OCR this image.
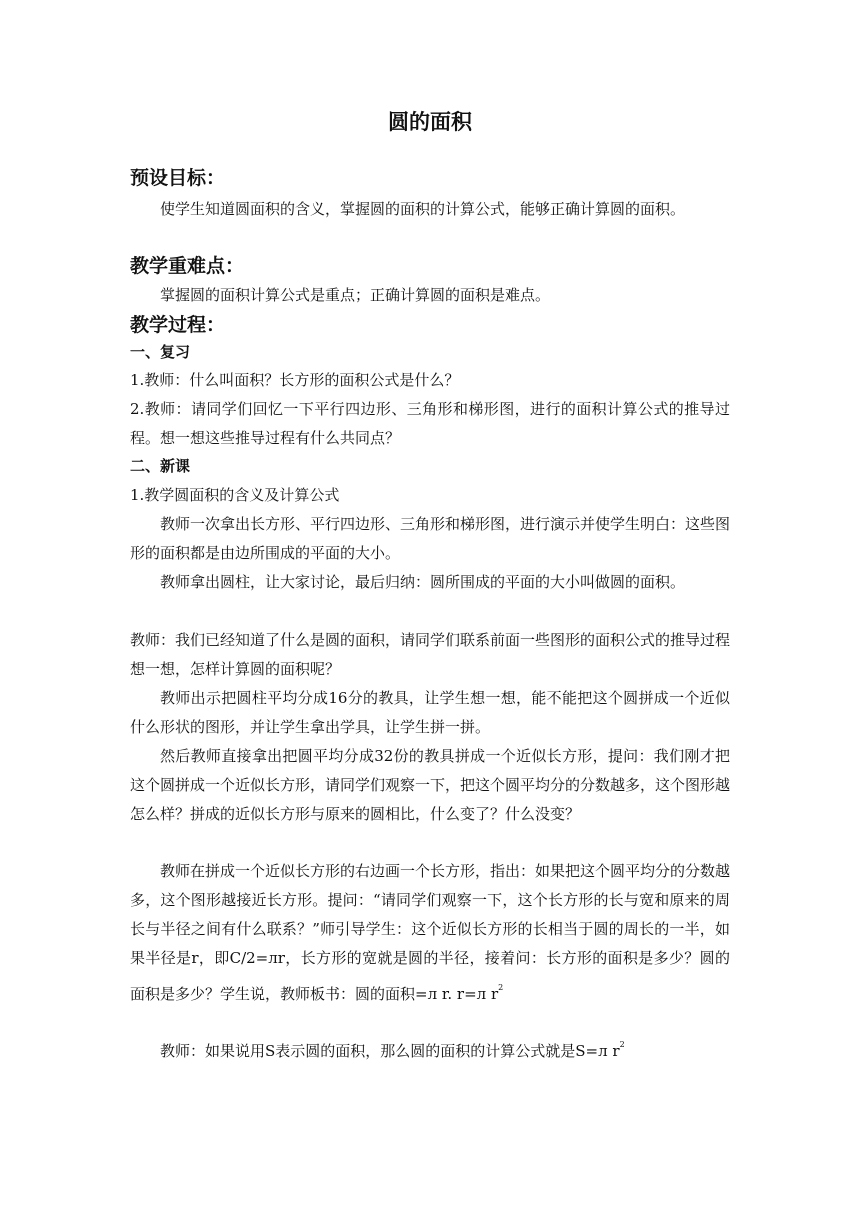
圆的面积
预设目标：
使学生知道圆面积的含义，掌握圆的面积的计算公式，能够正确计算圆的面积。
教学重难点：
掌握圆的面积计算公式是重点；正确计算圆的面积是难点。
教学过程：
一、复习
1.教师：什么叫面积？长方形的面积公式是什么？
2.教师：请同学们回忆一下平行四边形、三角形和梯形图，进行的面积计算公式的推导过程。想一想这些推导过程有什么共同点？
二、新课
1.教学圆面积的含义及计算公式
教师一次拿出长方形、平行四边形、三角形和梯形图，进行演示并使学生明白：这些图形的面积都是由边所围成的平面的大小。
教师拿出圆柱，让大家讨论，最后归纳：圆所围成的平面的大小叫做圆的面积。
教师：我们已经知道了什么是圆的面积，请同学们联系前面一些图形的面积公式的推导过程想一想，怎样计算圆的面积呢？
教师出示把圆柱平均分成16分的教具，让学生想一想，能不能把这个圆拼成一个近似什么形状的图形，并让学生拿出学具，让学生拼一拼。
然后教师直接拿出把圆平均分成32份的教具拼成一个近似长方形，提问：我们刚才把这个圆拼成一个近似长方形，请同学们观察一下，把这个圆平均分的分数越多，这个图形越怎么样？拼成的近似长方形与原来的圆相比，什么变了？什么没变？
教师在拼成一个近似长方形的右边画一个长方形，指出：如果把这个圆平均分的分数越多，这个图形越接近长方形。提问：“请同学们观察一下，这个长方形的长与宽和原来的周长与半径之间有什么联系？”师引导学生：这个近似长方形的长相当于圆的周长的一半，如果半径是r，即C/2=лr，长方形的宽就是圆的半径，接着问：长方形的面积是多少？圆的面积是多少？学生说，教师板书：圆的面积=л r. r=л $r^2$
教师：如果说用S表示圆的面积，那么圆的面积的计算公式就是S=л $r^2$
